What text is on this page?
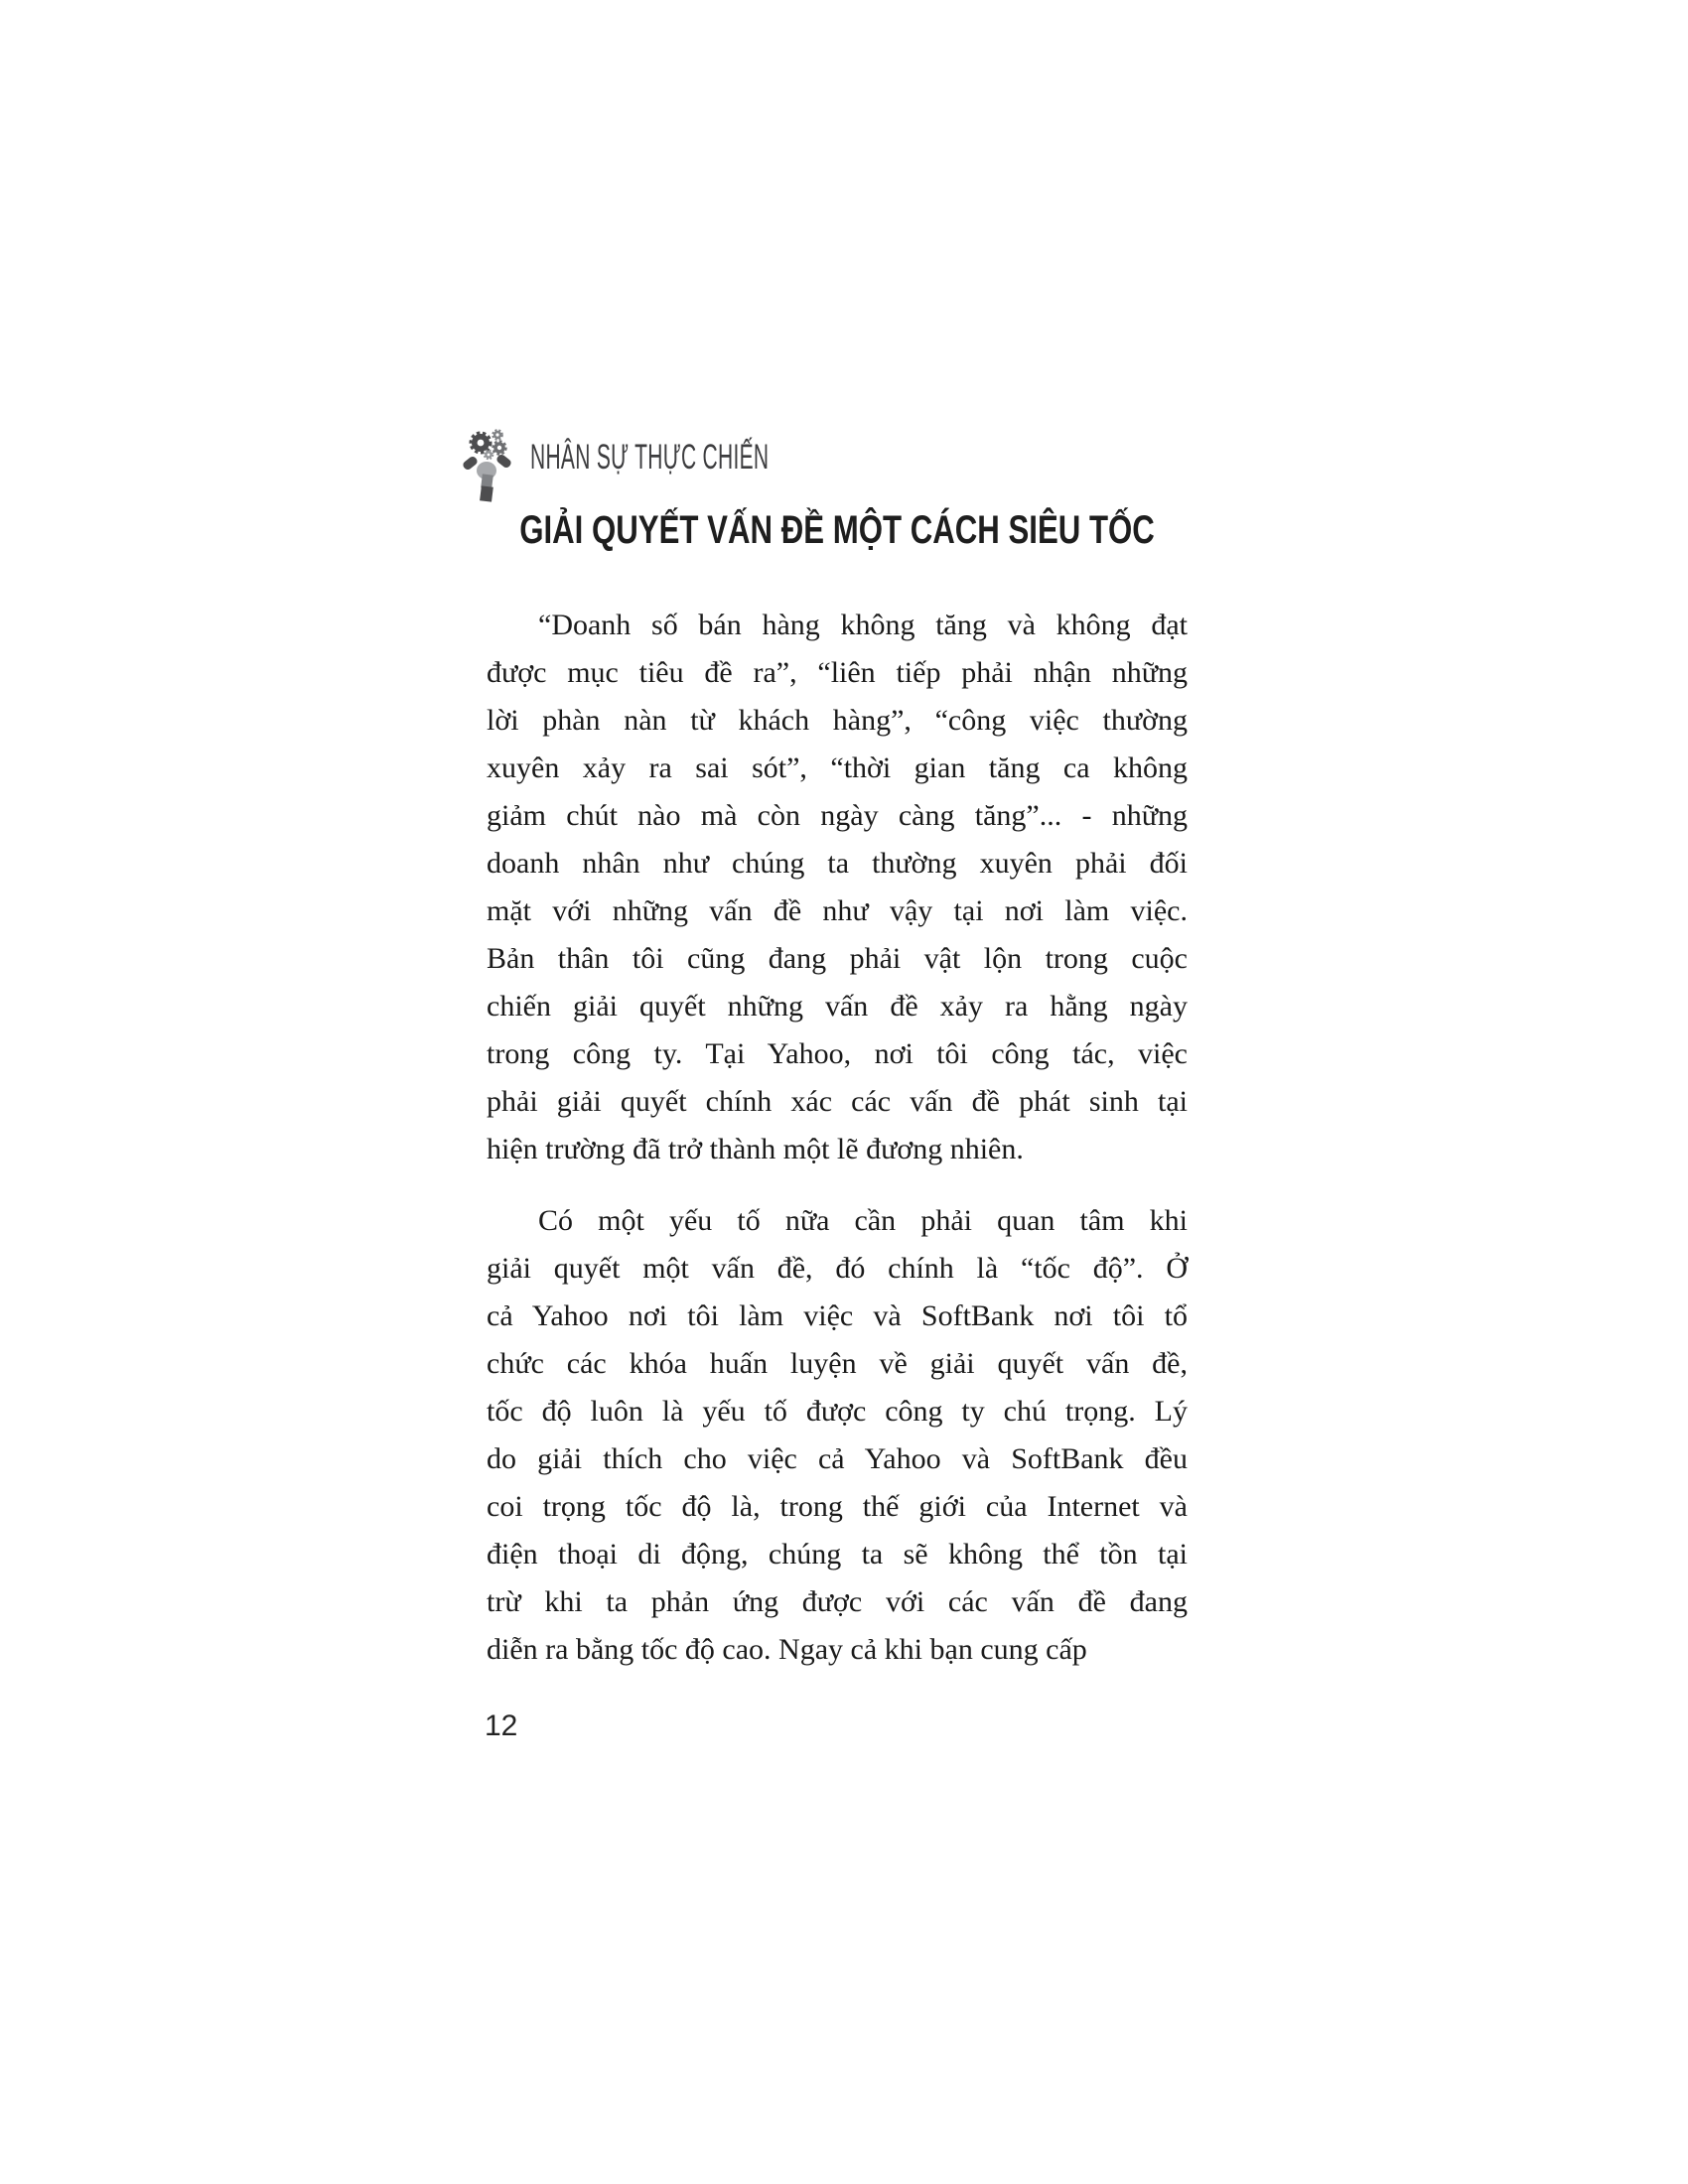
NHÂN SỰ THỰC CHIẾN
GIẢI QUYẾT VẤN ĐỀ MỘT CÁCH SIÊU TỐC
“Doanh số bán hàng không tăng và không đạt
được mục tiêu đề ra”, “liên tiếp phải nhận những
lời phàn nàn từ khách hàng”, “công việc thường
xuyên xảy ra sai sót”, “thời gian tăng ca không
giảm chút nào mà còn ngày càng tăng”... - những
doanh nhân như chúng ta thường xuyên phải đối
mặt với những vấn đề như vậy tại nơi làm việc.
Bản thân tôi cũng đang phải vật lộn trong cuộc
chiến giải quyết những vấn đề xảy ra hằng ngày
trong công ty. Tại Yahoo, nơi tôi công tác, việc
phải giải quyết chính xác các vấn đề phát sinh tại
hiện trường đã trở thành một lẽ đương nhiên.
Có một yếu tố nữa cần phải quan tâm khi
giải quyết một vấn đề, đó chính là “tốc độ”. Ở
cả Yahoo nơi tôi làm việc và SoftBank nơi tôi tổ
chức các khóa huấn luyện về giải quyết vấn đề,
tốc độ luôn là yếu tố được công ty chú trọng. Lý
do giải thích cho việc cả Yahoo và SoftBank đều
coi trọng tốc độ là, trong thế giới của Internet và
điện thoại di động, chúng ta sẽ không thể tồn tại
trừ khi ta phản ứng được với các vấn đề đang
diễn ra bằng tốc độ cao. Ngay cả khi bạn cung cấp
12
